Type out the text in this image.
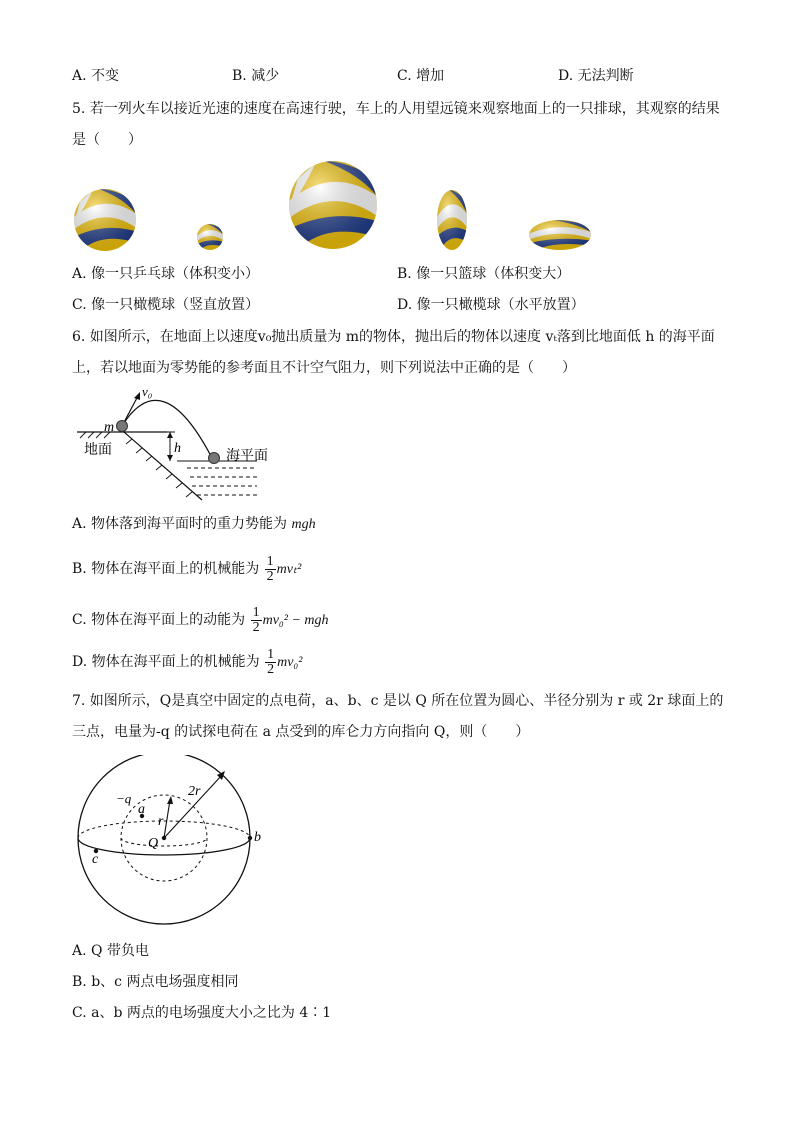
A. 不变	B. 减少	C. 增加	D. 无法判断
5. 若一列火车以接近光速的速度在高速行驶，车上的人用望远镜来观察地面上的一只排球，其观察的结果
是（　　）
A. 像一只乒乓球（体积变小）	B. 像一只篮球（体积变大）
C. 像一只橄榄球（竖直放置）	D. 像一只橄榄球（水平放置）
6. 如图所示，在地面上以速度v₀抛出质量为 m的物体，抛出后的物体以速度 vₜ落到比地面低 h 的海平面
上，若以地面为零势能的参考面且不计空气阻力，则下列说法中正确的是（　　）
v₀
m
h
地面	海平面
A. 物体落到海平面时的重力势能为 mgh
B. 物体在海平面上的机械能为 $\frac{1}{2} mv_t^2$
C. 物体在海平面上的动能为 $\frac{1}{2} mv_0^2$ − mgh
D. 物体在海平面上的机械能为 $\frac{1}{2} mv_0^2$
7. 如图所示，Q是真空中固定的点电荷，a、b、c 是以 Q 所在位置为圆心、半径分别为 r 或 2r 球面上的
三点，电量为-q 的试探电荷在 a 点受到的库仑力方向指向 Q，则（　　）
2r
r
Q
a
b
c
−q
A. Q 带负电
B. b、c 两点电场强度相同
C. a、b 两点的电场强度大小之比为 4∶1
